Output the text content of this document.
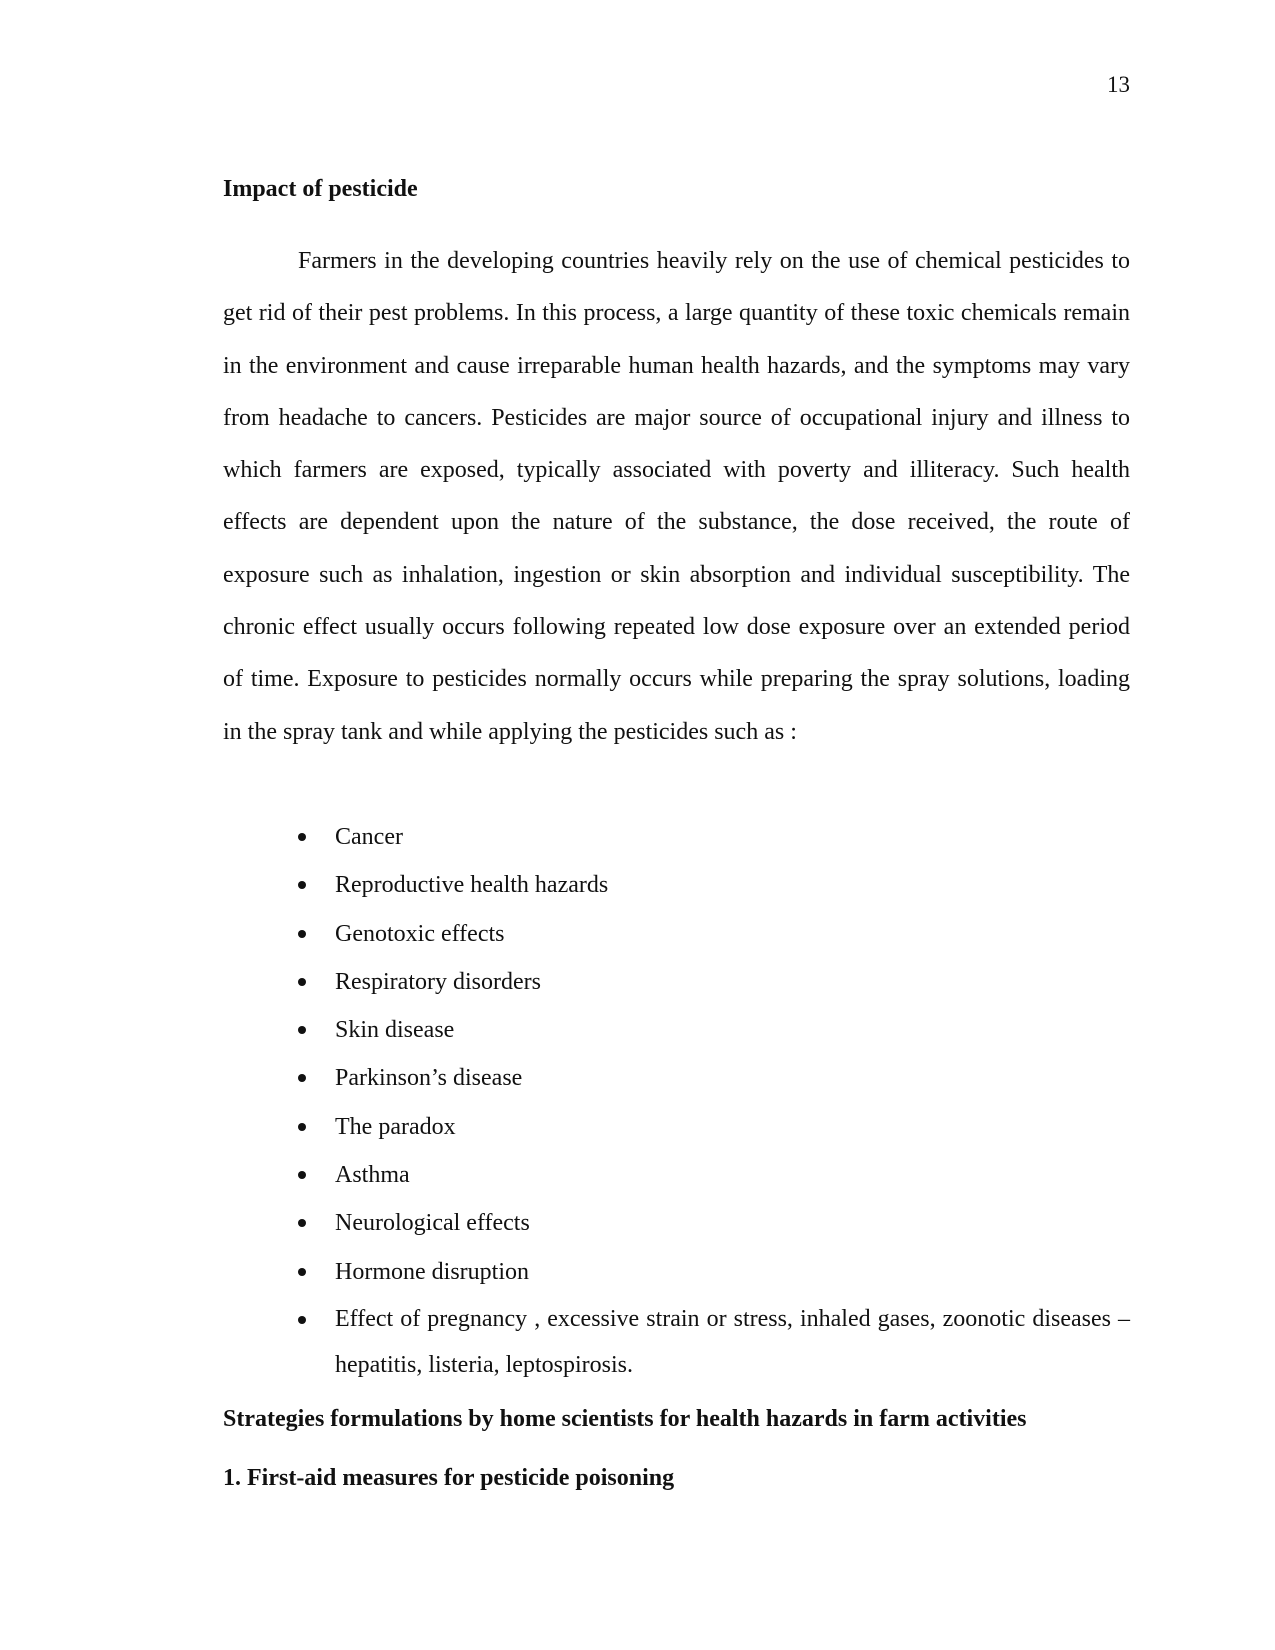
13
Impact of pesticide

Farmers in the developing countries heavily rely on the use of chemical pesticides to get rid of their pest problems. In this process, a large quantity of these toxic chemicals remain in the environment and cause irreparable human health hazards, and the symptoms may vary from headache to cancers. Pesticides are major source of occupational injury and illness to which farmers are exposed, typically associated with poverty and illiteracy. Such health effects are dependent upon the nature of the substance, the dose received, the route of exposure such as inhalation, ingestion or skin absorption and individual susceptibility. The chronic effect usually occurs following repeated low dose exposure over an extended period of time. Exposure to pesticides normally occurs while preparing the spray solutions, loading in the spray tank and while applying the pesticides such as :

Cancer
Reproductive health hazards
Genotoxic effects
Respiratory disorders
Skin disease
Parkinson’s disease
The paradox
Asthma
Neurological effects
Hormone disruption
Effect of pregnancy , excessive strain or stress, inhaled gases, zoonotic diseases – hepatitis, listeria, leptospirosis.
Strategies formulations by home scientists for health hazards in farm activities
1. First-aid measures for pesticide poisoning
